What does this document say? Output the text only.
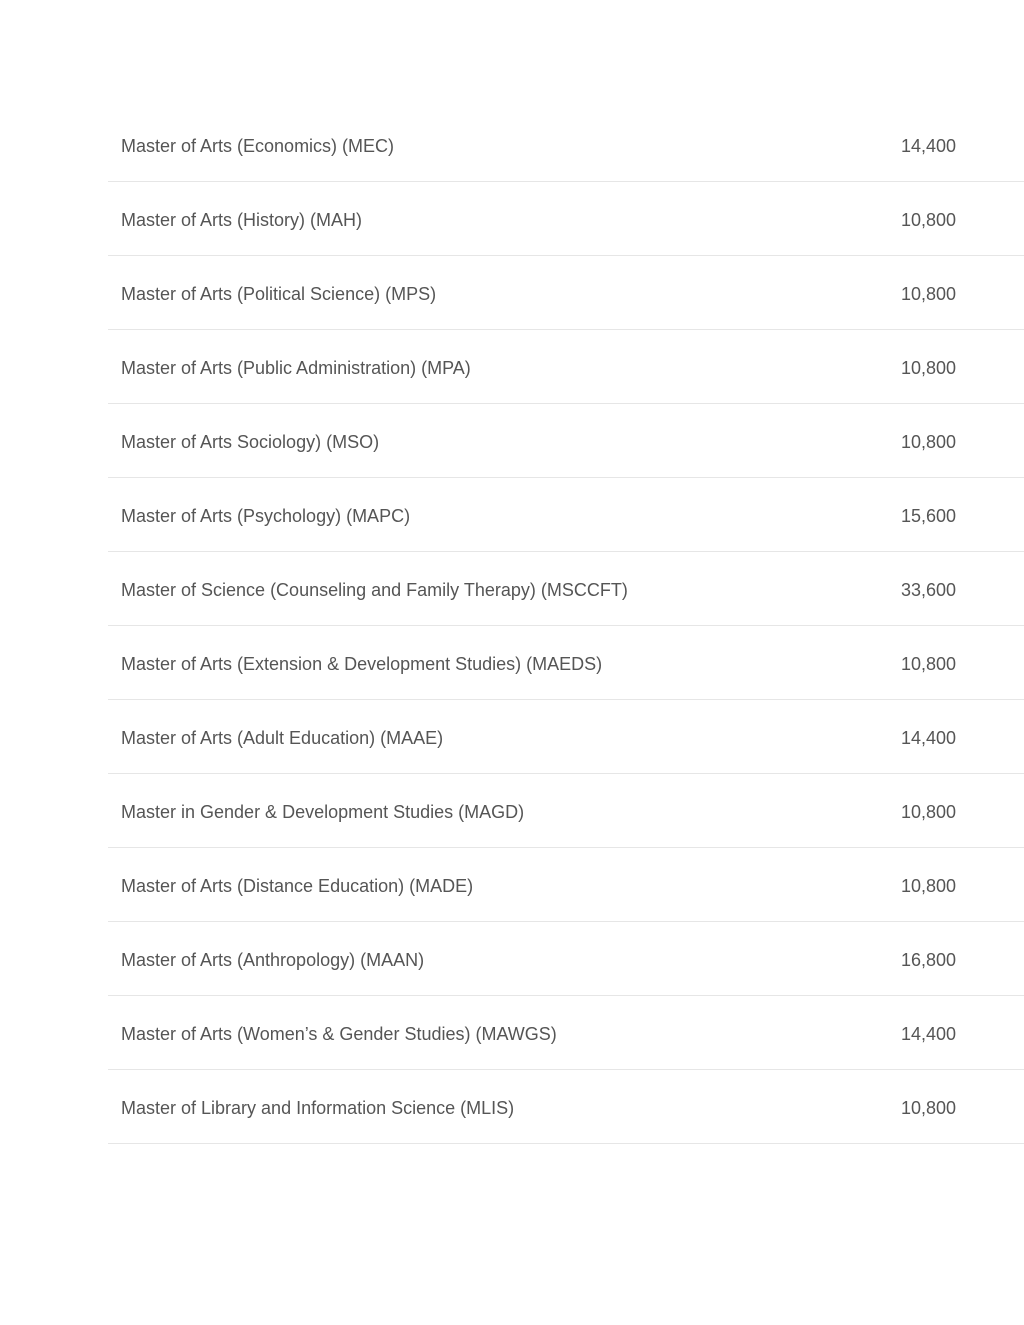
Master of Arts (Economics) (MEC)	14,400
Master of Arts (History) (MAH)	10,800
Master of Arts (Political Science) (MPS)	10,800
Master of Arts (Public Administration) (MPA)	10,800
Master of Arts Sociology) (MSO)	10,800
Master of Arts (Psychology) (MAPC)	15,600
Master of Science (Counseling and Family Therapy) (MSCCFT)	33,600
Master of Arts (Extension & Development Studies) (MAEDS)	10,800
Master of Arts (Adult Education) (MAAE)	14,400
Master in Gender & Development Studies (MAGD)	10,800
Master of Arts (Distance Education) (MADE)	10,800
Master of Arts (Anthropology) (MAAN)	16,800
Master of Arts (Women’s & Gender Studies) (MAWGS)	14,400
Master of Library and Information Science (MLIS)	10,800
